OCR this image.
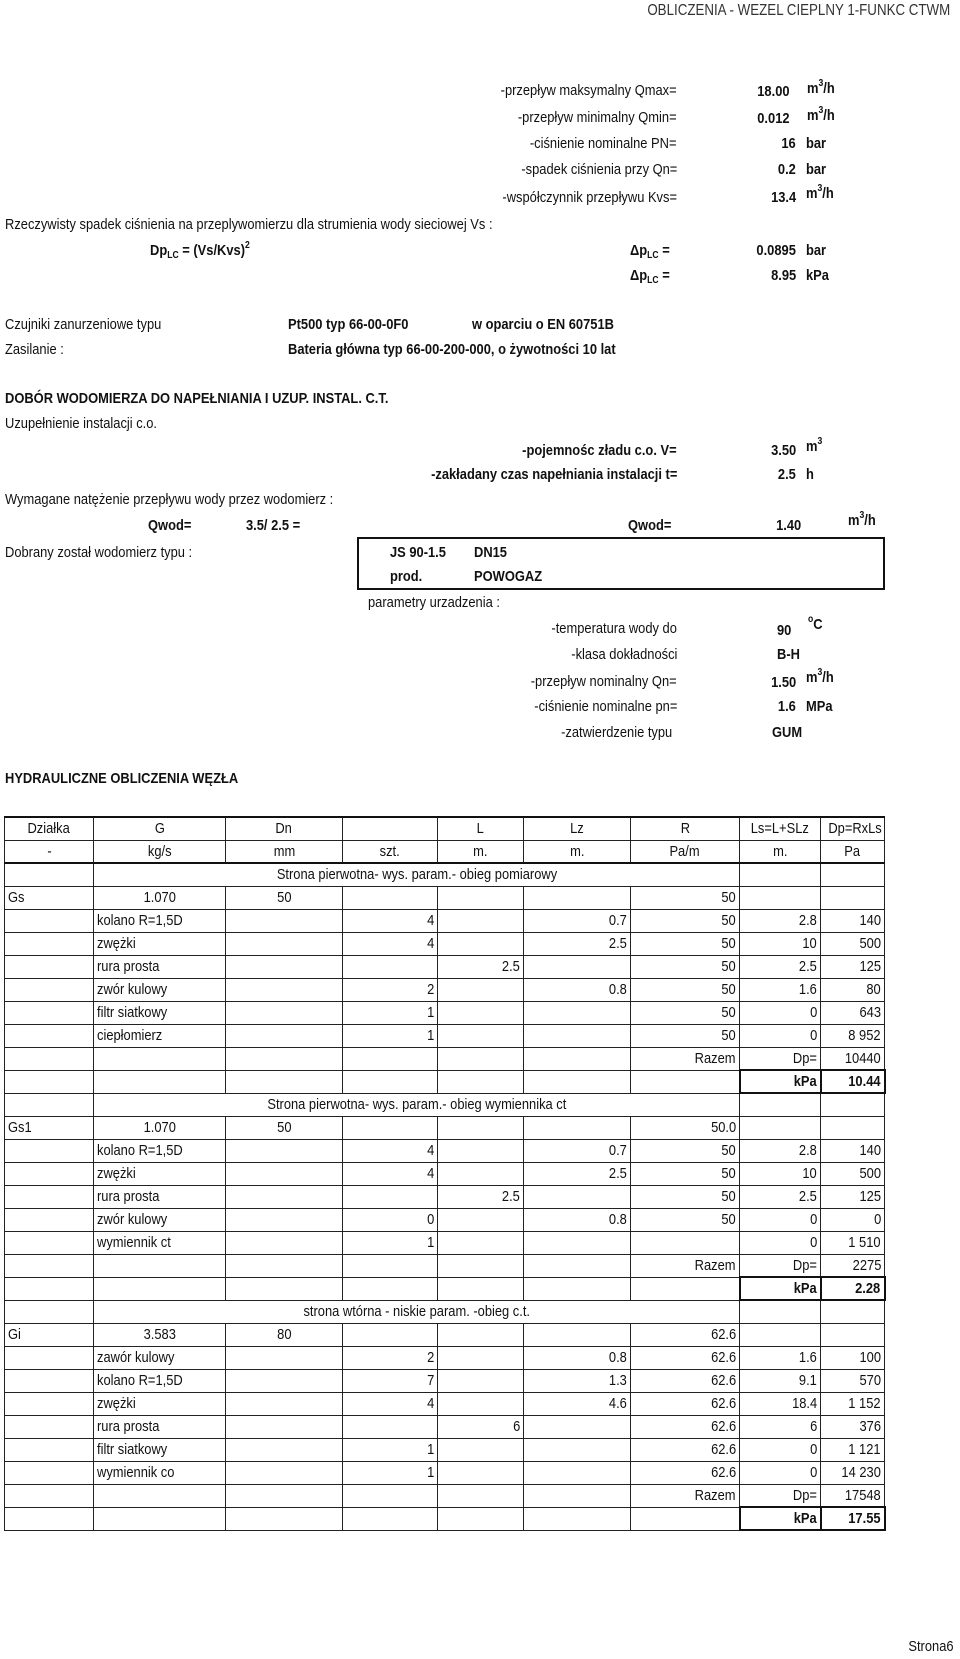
OBLICZENIA - WEZEL CIEPLNY 1-FUNKC CTWM
-przepływ maksymalny Qmax=	18.00 $m^3/h$
-przepływ minimalny Qmin=	0.012 $m^3/h$
-ciśnienie nominalne PN=	16 bar
-spadek ciśnienia przy Qn=	0.2 bar
-współczynnik przepływu Kvs=	13.4 $m^3/h$
Rzeczywisty spadek ciśnienia na przeplywomierzu dla strumienia wody sieciowej Vs :
$Dp_{LC} = (Vs/Kvs)^2$	$\Delta p_{LC}$ =	0.0895 bar
$\Delta p_{LC}$ =	8.95 kPa
Czujniki zanurzeniowe typu	Pt500 typ 66-00-0F0	w oparciu o EN 60751B
Zasilanie :	Bateria główna typ 66-00-200-000, o żywotności 10 lat
DOBÓR WODOMIERZA DO NAPEŁNIANIA I UZUP. INSTAL. C.T.
Uzupełnienie instalacji c.o.
-pojemnośc zładu c.o. V=	3.50 $m^3$
-zakładany czas napełniania instalacji t=	2.5 h
Wymagane natężenie przepływu wody przez wodomierz :
Qwod=	3.5/ 2.5 =	Qwod=	1.40	$m^3/h$
Dobrany został wodomierz typu :	JS 90-1.5 DN15
prod.	POWOGAZ
parametry urzadzenia :
-temperatura wody do	90
$^o$C
-klasa dokładności	B-H
-przepływ nominalny Qn=	1.50 $m^3/h$
-ciśnienie nominalne pn=	1.6 MPa
-zatwierdzenie typu	GUM
HYDRAULICZNE OBLICZENIA WĘZŁA
Działka	G	Dn		L	Lz	R	Ls=L+SLz	Dp=RxLs
-	kg/s	mm	szt.	m.	m.	Pa/m	m.	Pa
	Strona pierwotna- wys. param.- obieg pomiarowy							
Gs	1.070	50				50		
	kolano R=1,5D		4		0.7	50	2.8	140
	zwężki		4		2.5	50	10	500
	rura prosta			2.5		50	2.5	125
	zwór kulowy		2		0.8	50	1.6	80
	filtr siatkowy		1			50	0	643
	ciepłomierz		1			50	0	8 952
						Razem	Dp=	10440
							kPa	10.44
	Strona pierwotna- wys. param.- obieg wymiennika ct							
Gs1	1.070	50				50.0		
	kolano R=1,5D		4		0.7	50	2.8	140
	zwężki		4		2.5	50	10	500
	rura prosta			2.5		50	2.5	125
	zwór kulowy		0		0.8	50	0	0
	wymiennik ct		1				0	1 510
						Razem	Dp=	2275
							kPa	2.28
	strona wtórna - niskie param. -obieg c.t.							
Gi	3.583	80				62.6		
	zawór kulowy		2		0.8	62.6	1.6	100
	kolano R=1,5D		7		1.3	62.6	9.1	570
	zwężki		4		4.6	62.6	18.4	1 152
	rura prosta			6		62.6	6	376
	filtr siatkowy		1			62.6	0	1 121
	wymiennik co		1			62.6	0	14 230
						Razem	Dp=	17548
							kPa	17.55
Strona6
